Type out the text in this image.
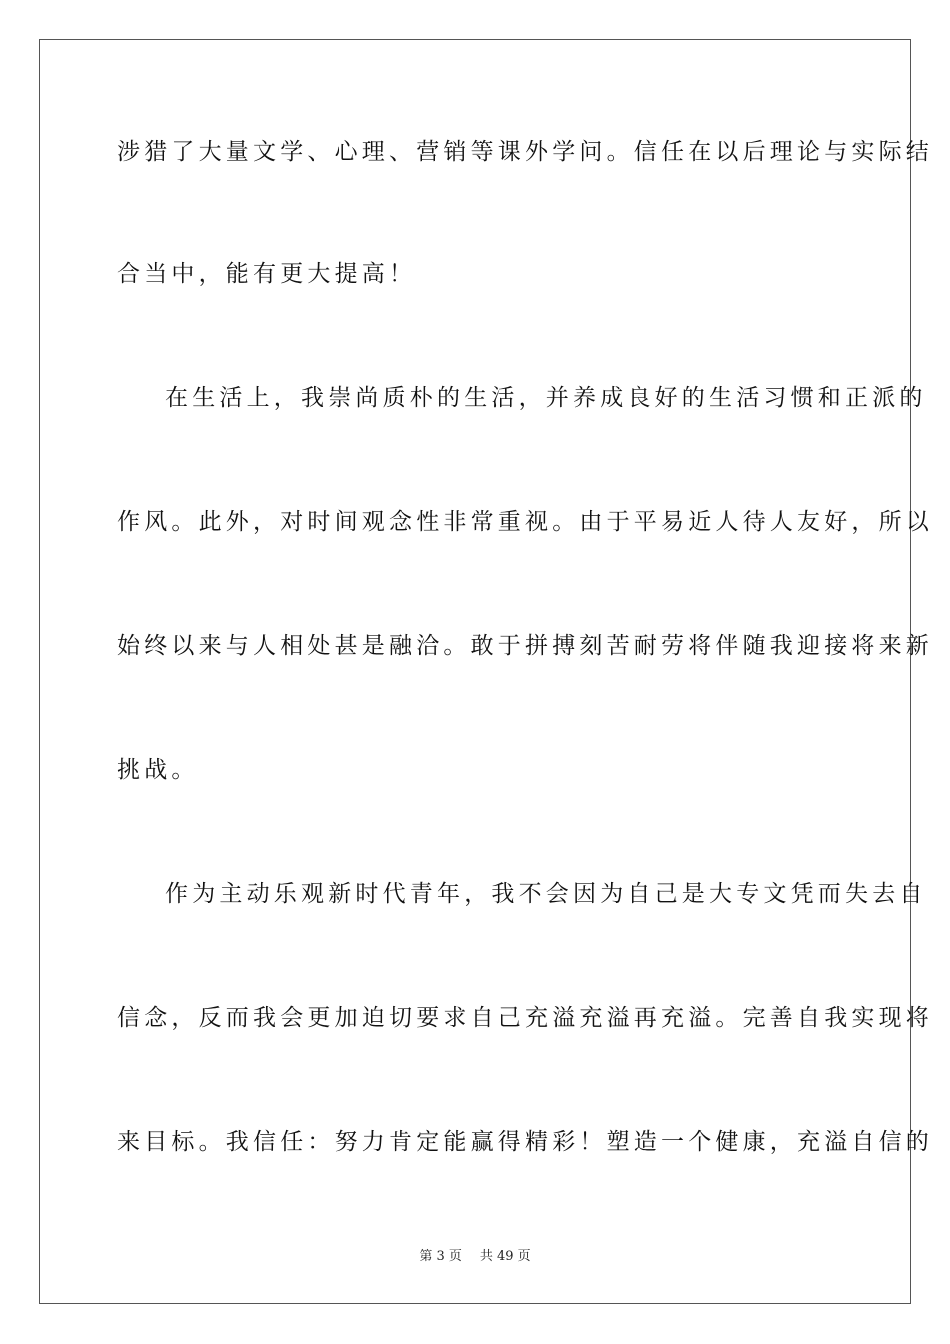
涉猎了大量文学、心理、营销等课外学问。信任在以后理论与实际结
合当中，能有更大提高！
在生活上，我崇尚质朴的生活，并养成良好的生活习惯和正派的
作风。此外，对时间观念性非常重视。由于平易近人待人友好，所以
始终以来与人相处甚是融洽。敢于拼搏刻苦耐劳将伴随我迎接将来新
挑战。
作为主动乐观新时代青年，我不会因为自己是大专文凭而失去自
信念，反而我会更加迫切要求自己充溢充溢再充溢。完善自我实现将
来目标。我信任：努力肯定能赢得精彩！塑造一个健康，充溢自信的
第 3 页 共 49 页
